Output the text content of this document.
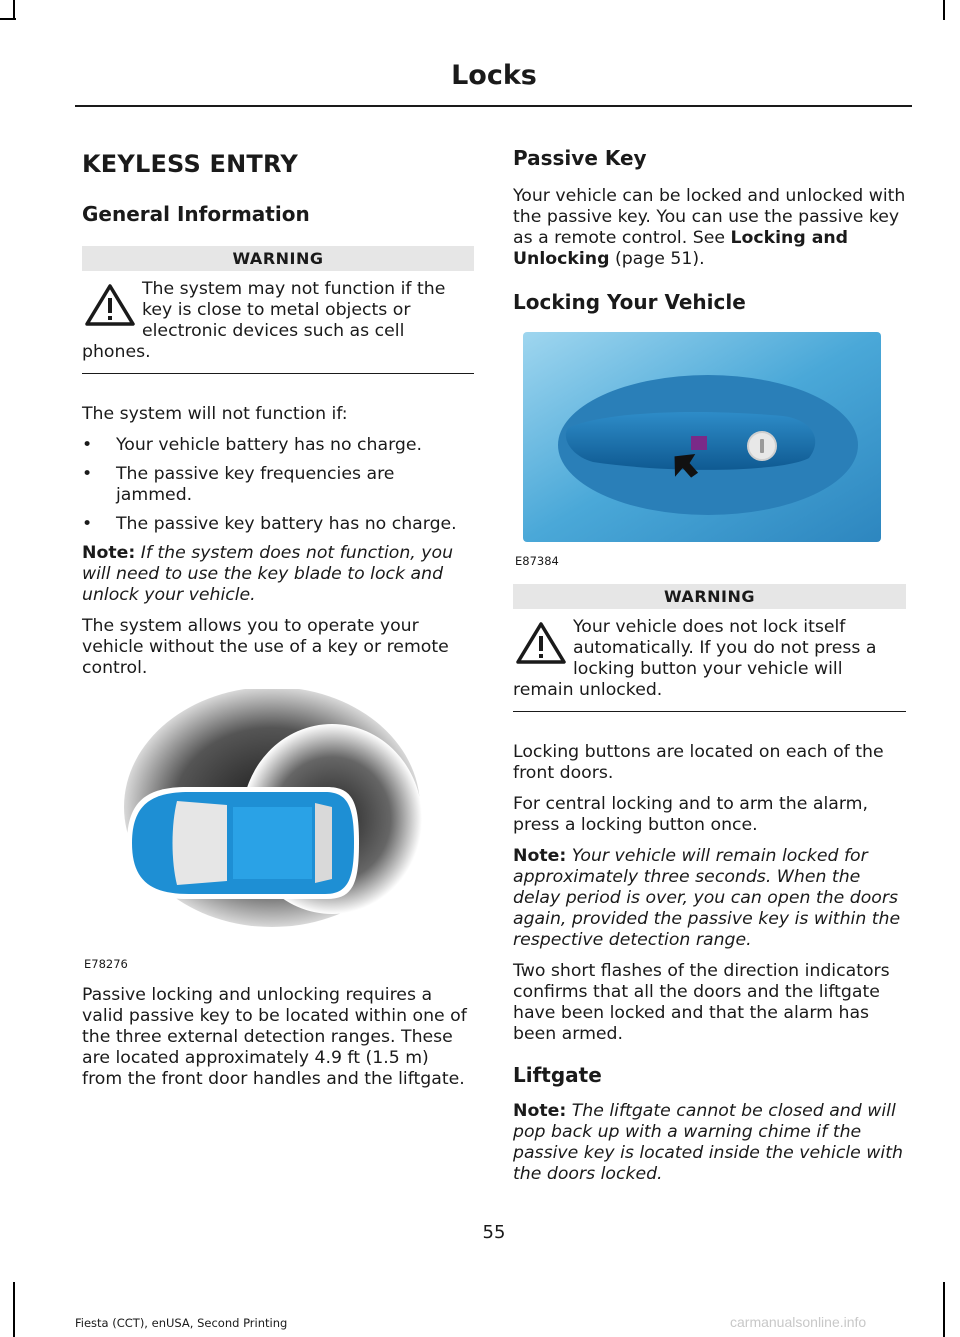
Locks
KEYLESS ENTRY
General Information
WARNING
The system may not function if the key is close to metal objects or electronic devices such as cell phones.

The system will not function if:

• Your vehicle battery has no charge.
• The passive key frequencies are jammed.
• The passive key battery has no charge.

Note: If the system does not function, you will need to use the key blade to lock and unlock your vehicle.

The system allows you to operate your vehicle without the use of a key or remote control.

E78276

Passive locking and unlocking requires a valid passive key to be located within one of the three external detection ranges. These are located approximately 4.9 ft (1.5 m) from the front door handles and the liftgate.

Passive Key

Your vehicle can be locked and unlocked with the passive key. You can use the passive key as a remote control. See Locking and Unlocking (page 51).

Locking Your Vehicle
E87384
WARNING
Your vehicle does not lock itself automatically. If you do not press a locking button your vehicle will remain unlocked.

Locking buttons are located on each of the front doors.

For central locking and to arm the alarm, press a locking button once.

Note: Your vehicle will remain locked for approximately three seconds. When the delay period is over, you can open the doors again, provided the passive key is within the respective detection range.

Two short flashes of the direction indicators confirms that all the doors and the liftgate have been locked and that the alarm has been armed.

Liftgate

Note: The liftgate cannot be closed and will pop back up with a warning chime if the passive key is located inside the vehicle with the doors locked.

55
Fiesta (CCT), enUSA, Second Printing	carmanualsonline.info
